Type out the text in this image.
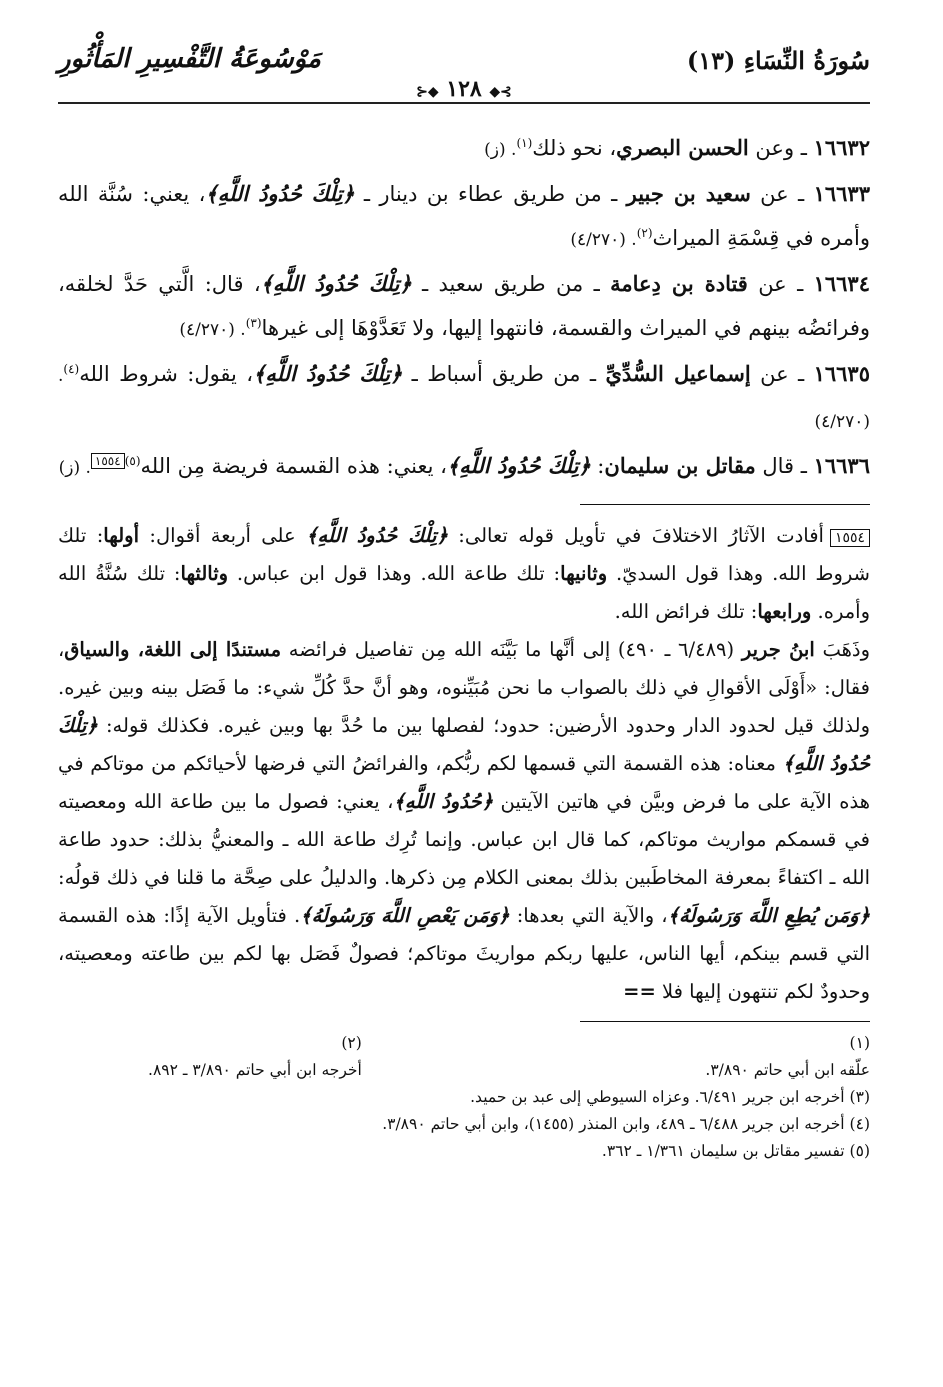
سُورَةُ النِّسَاءِ (١٣)
مَوْسُوعَةُ التَّفْسِيرِ المَأْثُورِ
⊱◆ ١٢٨ ◆⊰

١٦٦٣٢ ـ وعن الحسن البصري، نحو ذلك$^{(١)}$. (ز)

١٦٦٣٣ ـ عن سعيد بن جبير ـ من طريق عطاء بن دينار ـ ﴿تِلْكَ حُدُودُ اللَّهِ﴾، يعني: سُنَّة الله وأمره في قِسْمَةِ الميراث$^{(٢)}$. (٤/٢٧٠)

١٦٦٣٤ ـ عن قتادة بن دِعامة ـ من طريق سعيد ـ ﴿تِلْكَ حُدُودُ اللَّهِ﴾، قال: الَّتي حَدَّ لخلقه، وفرائضُه بينهم في الميراث والقسمة، فانتهوا إليها، ولا تَعَدَّوْهَا إلى غيرها$^{(٣)}$. (٤/٢٧٠)

١٦٦٣٥ ـ عن إسماعيل السُّدِّيِّ ـ من طريق أسباط ـ ﴿تِلْكَ حُدُودُ اللَّهِ﴾، يقول: شروط الله$^{(٤)}$. (٤/٢٧٠)

١٦٦٣٦ ـ قال مقاتل بن سليمان: ﴿تِلْكَ حُدُودُ اللَّهِ﴾، يعني: هذه القسمة فريضة مِن الله$^{(٥)}$١٥٥٤. (ز)

١٥٥٤أفادت الآثارُ الاختلافَ في تأويل قوله تعالى: ﴿تِلْكَ حُدُودُ اللَّهِ﴾ على أربعة أقوال: أولها: تلك شروط الله. وهذا قول السديّ. وثانيها: تلك طاعة الله. وهذا قول ابن عباس. وثالثها: تلك سُنَّةُ الله وأمره. ورابعها: تلك فرائض الله.

وذَهَبَ ابنُ جرير (٦/٤٨٩ ـ ٤٩٠) إلى أنَّها ما بَيَّنَه الله مِن تفاصيل فرائضه مستندًا إلى اللغة، والسياق، فقال: «أَوْلَى الأقوالِ في ذلك بالصواب ما نحن مُبَيِّنوه، وهو أنَّ حدَّ كُلِّ شيء: ما فَصَل بينه وبين غيره. ولذلك قيل لحدود الدار وحدود الأرضين: حدود؛ لفصلها بين ما حُدَّ بها وبين غيره. فكذلك قوله: ﴿تِلْكَ حُدُودُ اللَّهِ﴾ معناه: هذه القسمة التي قسمها لكم ربُّكم، والفرائضُ التي فرضها لأحيائكم من موتاكم في هذه الآية على ما فرض وبيَّن في هاتين الآيتين ﴿حُدُودُ اللَّهِ﴾، يعني: فصول ما بين طاعة الله ومعصيته في قسمكم مواريث موتاكم، كما قال ابن عباس. وإنما تُرِك طاعة الله ـ والمعنيُّ بذلك: حدود طاعة الله ـ اكتفاءً بمعرفة المخاطَبين بذلك بمعنى الكلام مِن ذكرها. والدليلُ على صِحَّة ما قلنا في ذلك قولُه: ﴿وَمَن يُطِعِ اللَّهَ وَرَسُولَهُ﴾، والآية التي بعدها: ﴿وَمَن يَعْصِ اللَّهَ وَرَسُولَهُ﴾. فتأويل الآية إذًا: هذه القسمة التي قسم بينكم، أيها الناس، عليها ربكم مواريثَ موتاكم؛ فصولٌ فَصَل بها لكم بين طاعته ومعصيته، وحدودٌ لكم تنتهون إليها فلا ==

(١)
علّقه ابن أبي حاتم ٣/٨٩٠.
(٢)
أخرجه ابن أبي حاتم ٣/٨٩٠ ـ ٨٩٢.
(٣) أخرجه ابن جرير ٦/٤٩١. وعزاه السيوطي إلى عبد بن حميد.
(٤) أخرجه ابن جرير ٦/٤٨٨ ـ ٤٨٩، وابن المنذر (١٤٥٥)، وابن أبي حاتم ٣/٨٩٠.
(٥) تفسير مقاتل بن سليمان ١/٣٦١ ـ ٣٦٢.
